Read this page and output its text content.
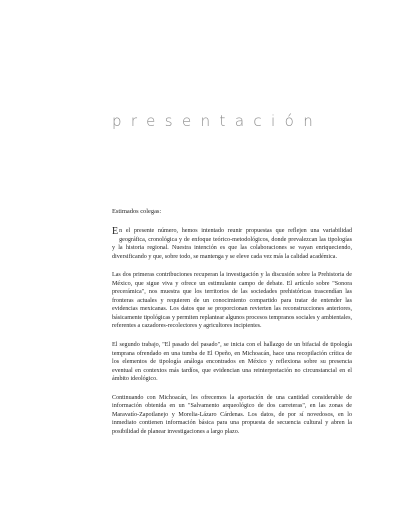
presentación

Estimados colegas:

En el presente número, hemos intentado reunir propuestas que reflejen una variabilidad geográfica, cronológica y de enfoque teórico-metodológicos, donde prevalezcan las tipologías y la historia regional. Nuestra intención es que las colaboraciones se vayan enriqueciendo, diversificando y que, sobre todo, se mantenga y se eleve cada vez más la calidad académica.

Las dos primeras contribuciones recuperan la investigación y la discusión sobre la Prehistoria de México, que sigue viva y ofrece un estimulante campo de debate. El artículo sobre "Sonora precerámica", nos muestra que los territorios de las sociedades prehistóricas trascendían las fronteras actuales y requieren de un conocimiento compartido para tratar de entender las evidencias mexicanas. Los datos que se proporcionan revierten las reconstrucciones anteriores, básicamente tipológicas y permiten replantear algunos procesos tempranos sociales y ambientales, referentes a cazadores-recolectores y agricultores incipientes.

El segundo trabajo, "El pasado del pasado", se inicia con el hallazgo de un bifacial de tipología temprana ofrendado en una tumba de El Opeño, en Michoacán, hace una recopilación crítica de los elementos de tipología análoga encontrados en México y reflexiona sobre su presencia eventual en contextos más tardíos, que evidencian una reinterpretación no circunstancial en el ámbito ideológico.

Continuando con Michoacán, les ofrecemos la aportación de una cantidad considerable de información obtenida en un "Salvamento arqueológico de dos carreteras", en las zonas de Maravatío-Zapotlanejo y Morelia-Lázaro Cárdenas. Los datos, de por sí novedosos, en lo inmediato contienen información básica para una propuesta de secuencia cultural y abren la posibilidad de planear investigaciones a largo plazo.
